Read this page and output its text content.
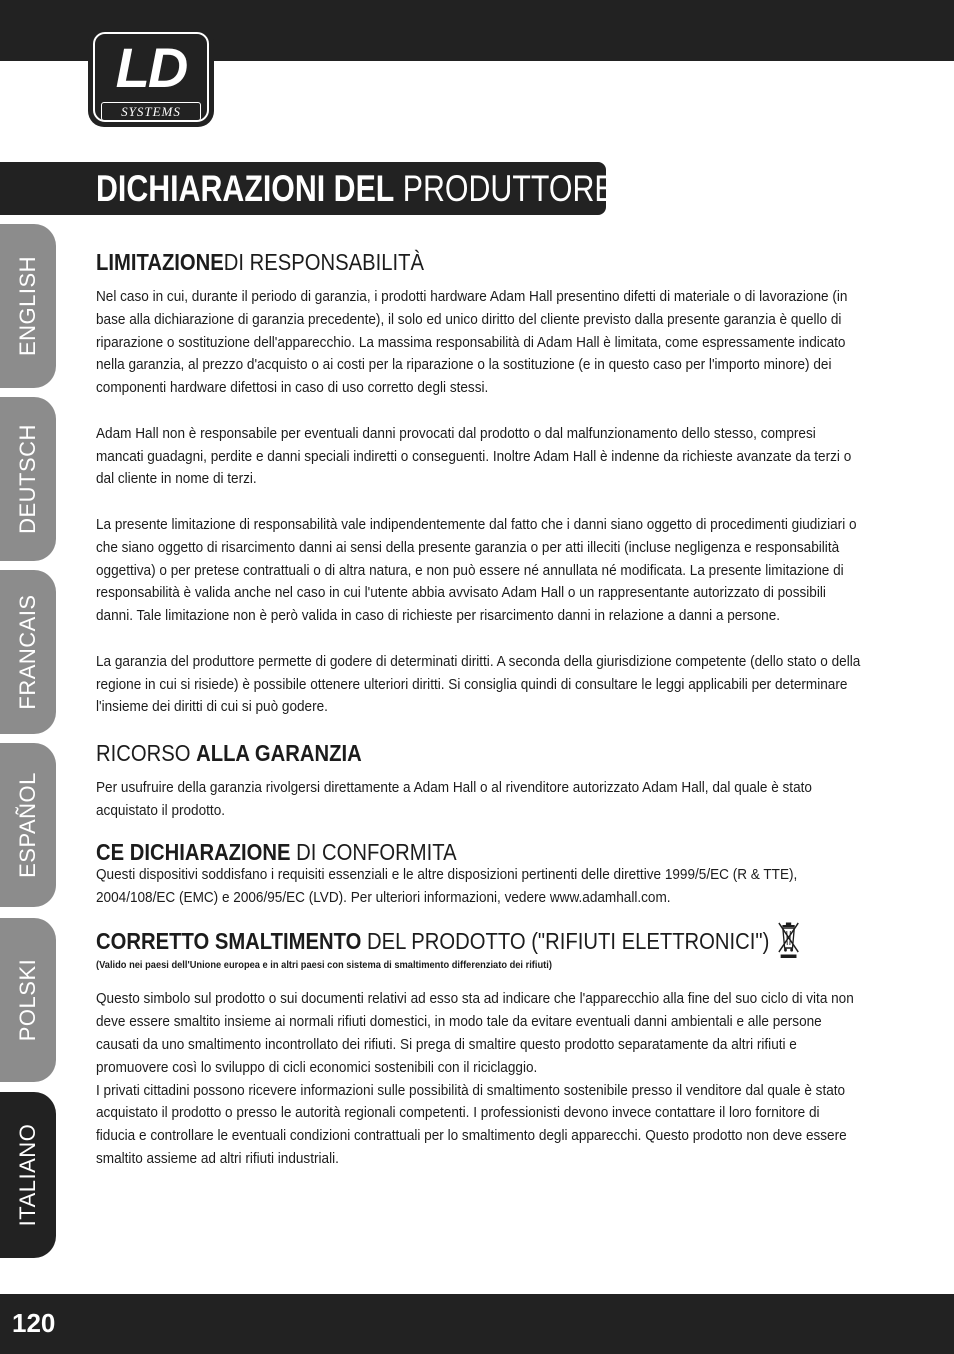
LD
SYSTEMS
DICHIARAZIONI DEL PRODUTTORE:
ENGLISH
DEUTSCH
FRANCAIS
ESPAÑOL
POLSKI
ITALIANO
LIMITAZIONEDI RESPONSABILITÀ

Nel caso in cui, durante il periodo di garanzia, i prodotti hardware Adam Hall presentino difetti di materiale o di lavorazione (in base alla dichiarazione di garanzia precedente), il solo ed unico diritto del cliente previsto dalla presente garanzia è quello di riparazione o sostituzione dell'apparecchio. La massima responsabilità di Adam Hall è limitata, come espressamente indicato nella garanzia, al prezzo d'acquisto o ai costi per la riparazione o la sostituzione (e in questo caso per l'importo minore) dei componenti hardware difettosi in caso di uso corretto degli stessi.

Adam Hall non è responsabile per eventuali danni provocati dal prodotto o dal malfunzionamento dello stesso, compresi mancati guadagni, perdite e danni speciali indiretti o conseguenti. Inoltre Adam Hall è indenne da richieste avanzate da terzi o dal cliente in nome di terzi.

La presente limitazione di responsabilità vale indipendentemente dal fatto che i danni siano oggetto di procedimenti giudiziari o che siano oggetto di risarcimento danni ai sensi della presente garanzia o per atti illeciti (incluse negligenza e responsabilità oggettiva) o per pretese contrattuali o di altra natura, e non può essere né annullata né modificata. La presente limitazione di responsabilità è valida anche nel caso in cui l'utente abbia avvisato Adam Hall o un rappresentante autorizzato di possibili danni. Tale limitazione non è però valida in caso di richieste per risarcimento danni in relazione a danni a persone.

La garanzia del produttore permette di godere di determinati diritti. A seconda della giurisdizione competente (dello stato o della regione in cui si risiede) è possibile ottenere ulteriori diritti. Si consiglia quindi di consultare le leggi applicabili per determinare l'insieme dei diritti di cui si può godere.

RICORSO ALLA GARANZIA

Per usufruire della garanzia rivolgersi direttamente a Adam Hall o al rivenditore autorizzato Adam Hall, dal quale è stato acquistato il prodotto.

CE DICHIARAZIONE DI CONFORMITA

Questi dispositivi soddisfano i requisiti essenziali e le altre disposizioni pertinenti delle direttive 1999/5/EC (R & TTE), 2004/108/EC (EMC) e 2006/95/EC (LVD). Per ulteriori informazioni, vedere www.adamhall.com.

CORRETTO SMALTIMENTO DEL PRODOTTO ("RIFIUTI ELETTRONICI")

(Valido nei paesi dell'Unione europea e in altri paesi con sistema di smaltimento differenziato dei rifiuti)

Questo simbolo sul prodotto o sui documenti relativi ad esso sta ad indicare che l'apparecchio alla fine del suo ciclo di vita non deve essere smaltito insieme ai normali rifiuti domestici, in modo tale da evitare eventuali danni ambientali e alle persone causati da uno smaltimento incontrollato dei rifiuti. Si prega di smaltire questo prodotto separatamente da altri rifiuti e promuovere così lo sviluppo di cicli economici sostenibili con il riciclaggio.

I privati cittadini possono ricevere informazioni sulle possibilità di smaltimento sostenibile presso il venditore dal quale è stato acquistato il prodotto o presso le autorità regionali competenti. I professionisti devono invece contattare il loro fornitore di fiducia e controllare le eventuali condizioni contrattuali per lo smaltimento degli apparecchi. Questo prodotto non deve essere smaltito assieme ad altri rifiuti industriali.

120
